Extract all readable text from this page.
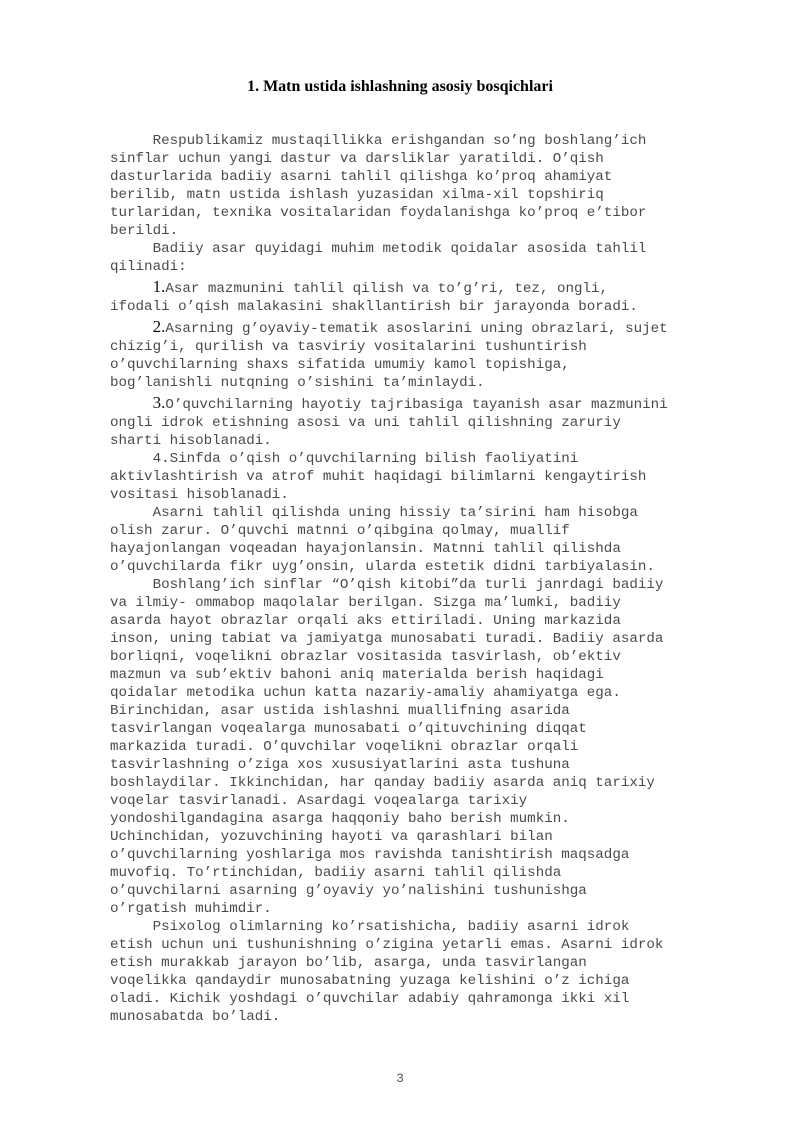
1. Matn ustida ishlashning asosiy bosqichlari
Respublikamiz mustaqillikka erishgandan so’ng boshlang’ich
sinflar uchun yangi dastur va darsliklar yaratildi. O’qish
dasturlarida badiiy asarni tahlil qilishga ko’proq ahamiyat
berilib, matn ustida ishlash yuzasidan xilma-xil topshiriq
turlaridan, texnika vositalaridan foydalanishga ko’proq e’tibor
berildi.
Badiiy asar quyidagi muhim metodik qoidalar asosida tahlil
qilinadi:
1.Asar mazmunini tahlil qilish va to’g’ri, tez, ongli,
ifodali o’qish malakasini shakllantirish bir jarayonda boradi.
2.Asarning g’oyaviy-tematik asoslarini uning obrazlari, sujet
chizig’i, qurilish va tasviriy vositalarini tushuntirish
o’quvchilarning shaxs sifatida umumiy kamol topishiga,
bog’lanishli nutqning o’sishini ta’minlaydi.
3.O’quvchilarning hayotiy tajribasiga tayanish asar mazmunini
ongli idrok etishning asosi va uni tahlil qilishning zaruriy
sharti hisoblanadi.
4.Sinfda o’qish o’quvchilarning bilish faoliyatini
aktivlashtirish va atrof muhit haqidagi bilimlarni kengaytirish
vositasi hisoblanadi.
Asarni tahlil qilishda uning hissiy ta’sirini ham hisobga
olish zarur. O’quvchi matnni o’qibgina qolmay, muallif
hayajonlangan voqeadan hayajonlansin. Matnni tahlil qilishda
o’quvchilarda fikr uyg’onsin, ularda estetik didni tarbiyalasin.
Boshlang’ich sinflar “O’qish kitobi”da turli janrdagi badiiy
va ilmiy- ommabop maqolalar berilgan. Sizga ma’lumki, badiiy
asarda hayot obrazlar orqali aks ettiriladi. Uning markazida
inson, uning tabiat va jamiyatga munosabati turadi. Badiiy asarda
borliqni, voqelikni obrazlar vositasida tasvirlash, ob’ektiv
mazmun va sub’ektiv bahoni aniq materialda berish haqidagi
qoidalar metodika uchun katta nazariy-amaliy ahamiyatga ega.
Birinchidan, asar ustida ishlashni muallifning asarida
tasvirlangan voqealarga munosabati o’qituvchining diqqat
markazida turadi. O’quvchilar voqelikni obrazlar orqali
tasvirlashning o’ziga xos xususiyatlarini asta tushuna
boshlaydilar. Ikkinchidan, har qanday badiiy asarda aniq tarixiy
voqelar tasvirlanadi. Asardagi voqealarga tarixiy
yondoshilgandagina asarga haqqoniy baho berish mumkin.
Uchinchidan, yozuvchining hayoti va qarashlari bilan
o’quvchilarning yoshlariga mos ravishda tanishtirish maqsadga
muvofiq. To’rtinchidan, badiiy asarni tahlil qilishda
o’quvchilarni asarning g’oyaviy yo’nalishini tushunishga
o’rgatish muhimdir.
Psixolog olimlarning ko’rsatishicha, badiiy asarni idrok
etish uchun uni tushunishning o’zigina yetarli emas. Asarni idrok
etish murakkab jarayon bo’lib, asarga, unda tasvirlangan
voqelikka qandaydir munosabatning yuzaga kelishini o’z ichiga
oladi. Kichik yoshdagi o’quvchilar adabiy qahramonga ikki xil
munosabatda bo’ladi.
3
